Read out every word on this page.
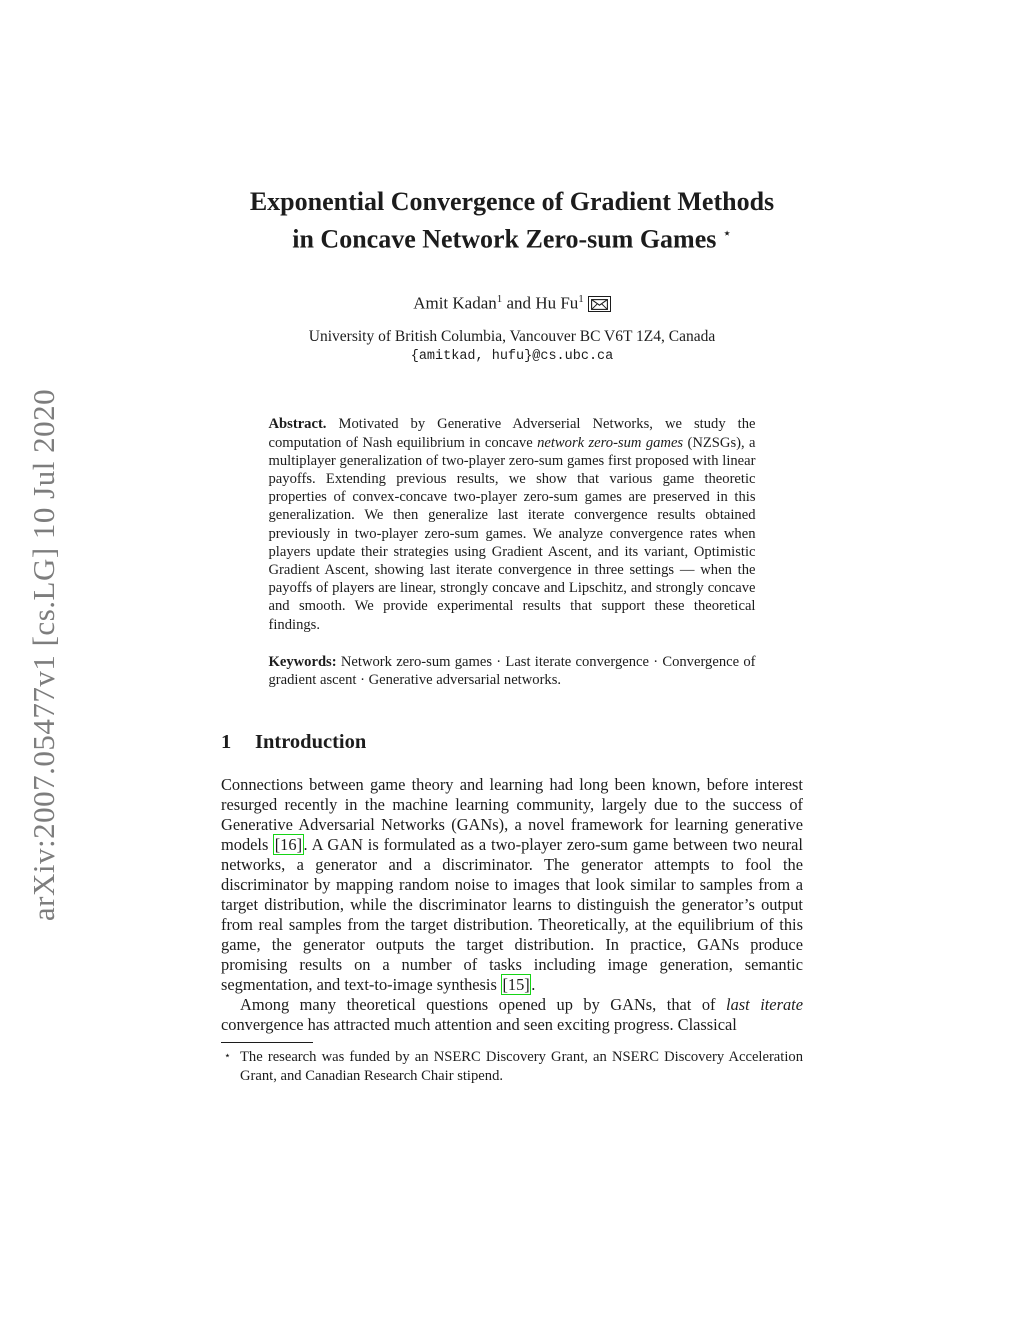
arXiv:2007.05477v1 [cs.LG] 10 Jul 2020
Exponential Convergence of Gradient Methods
in Concave Network Zero-sum Games ⋆
Amit Kadan$^1$ and Hu Fu$^1$
University of British Columbia, Vancouver BC V6T 1Z4, Canada
{amitkad, hufu}@cs.ubc.ca
Abstract. Motivated by Generative Adverserial Networks, we study the computation of Nash equilibrium in concave network zero-sum games (NZSGs), a multiplayer generalization of two-player zero-sum games first proposed with linear payoffs. Extending previous results, we show that various game theoretic properties of convex-concave two-player zero-sum games are preserved in this generalization. We then generalize last iterate convergence results obtained previously in two-player zero-sum games. We analyze convergence rates when players update their strategies using Gradient Ascent, and its variant, Optimistic Gradient Ascent, showing last iterate convergence in three settings — when the payoffs of players are linear, strongly concave and Lipschitz, and strongly concave and smooth. We provide experimental results that support these theoretical findings.
Keywords: Network zero-sum games · Last iterate convergence · Convergence of gradient ascent · Generative adversarial networks.
1 Introduction

Connections between game theory and learning had long been known, before interest resurged recently in the machine learning community, largely due to the success of Generative Adversarial Networks (GANs), a novel framework for learning generative models [16]. A GAN is formulated as a two-player zero-sum game between two neural networks, a generator and a discriminator. The generator attempts to fool the discriminator by mapping random noise to images that look similar to samples from a target distribution, while the discriminator learns to distinguish the generator’s output from real samples from the target distribution. Theoretically, at the equilibrium of this game, the generator outputs the target distribution. In practice, GANs produce promising results on a number of tasks including image generation, semantic segmentation, and text-to-image synthesis [15].

Among many theoretical questions opened up by GANs, that of last iterate convergence has attracted much attention and seen exciting progress. Classical

⋆ The research was funded by an NSERC Discovery Grant, an NSERC Discovery Acceleration Grant, and Canadian Research Chair stipend.
